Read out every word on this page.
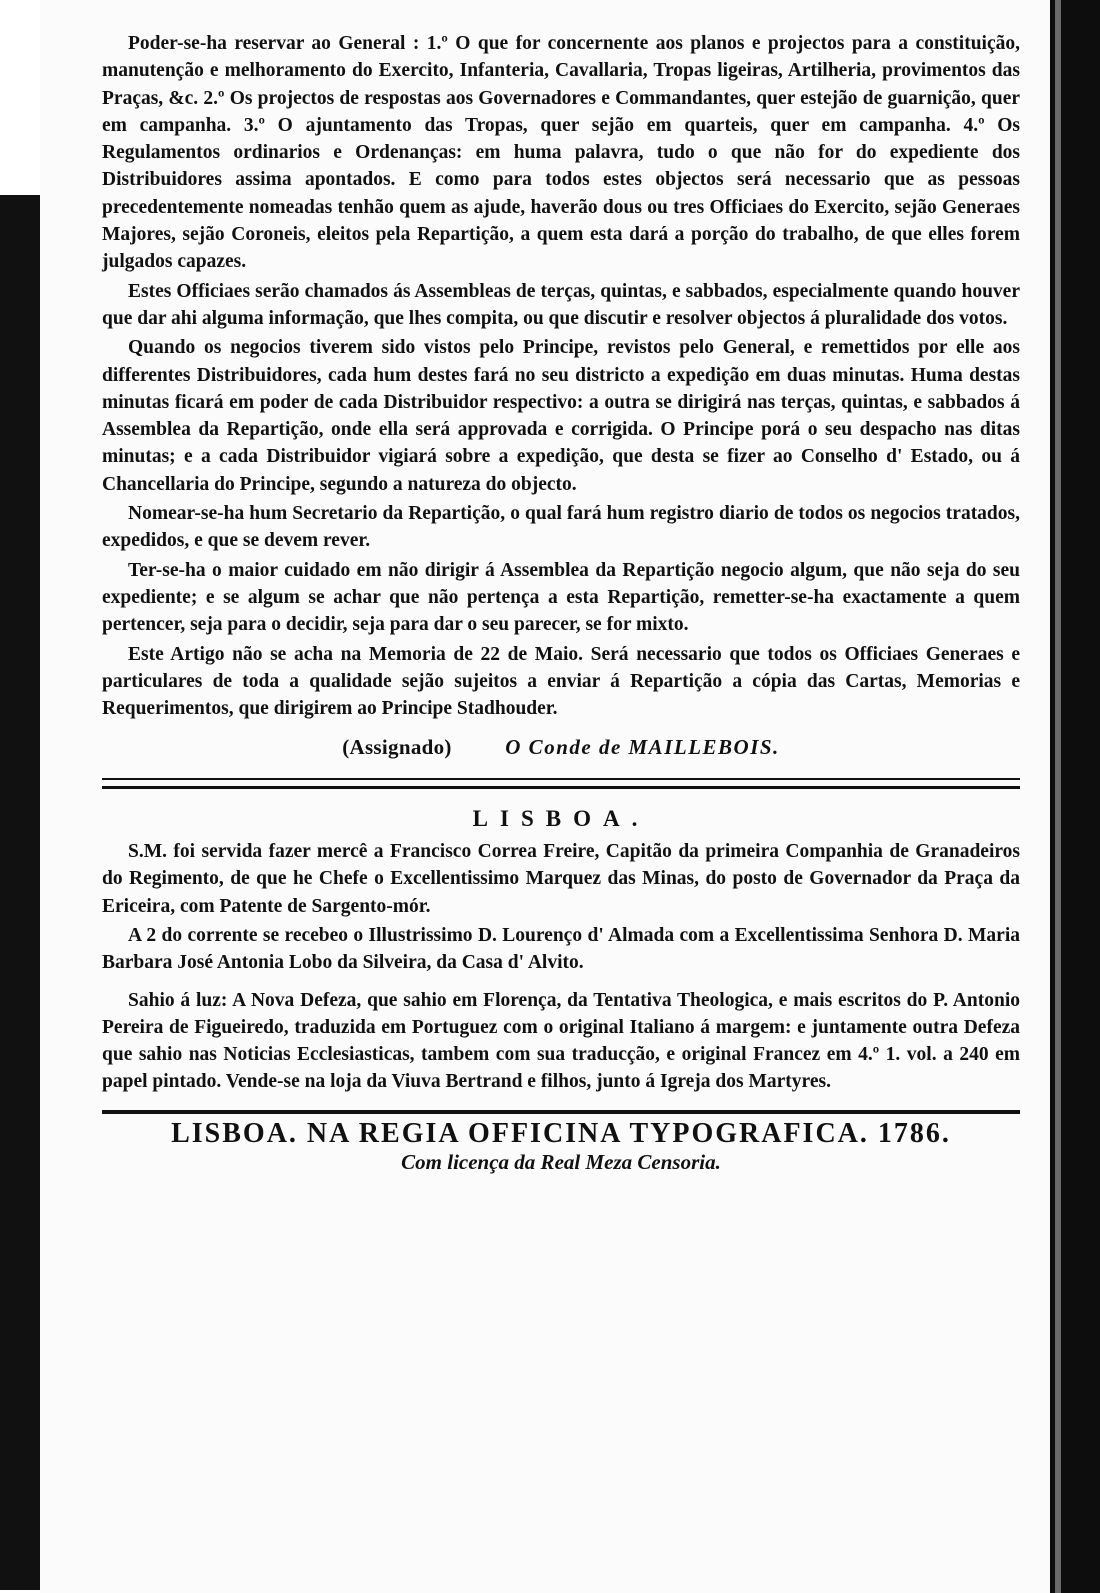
Poder-se-ha reservar ao General : 1.º O que for concernente aos planos e projectos para a constituição, manutenção e melhoramento do Exercito, Infanteria, Cavallaria, Tropas ligeiras, Artilheria, provimentos das Praças, &c. 2.º Os projectos de respostas aos Governadores e Commandantes, quer estejão de guarnição, quer em campanha. 3.º O ajuntamento das Tropas, quer sejão em quarteis, quer em campanha. 4.º Os Regulamentos ordinarios e Ordenanças: em huma palavra, tudo o que não for do expediente dos Distribuidores assima apontados. E como para todos estes objectos será necessario que as pessoas precedentemente nomeadas tenhão quem as ajude, haverão dous ou tres Officiaes do Exercito, sejão Generaes Majores, sejão Coroneis, eleitos pela Repartição, a quem esta dará a porção do trabalho, de que elles forem julgados capazes.

Estes Officiaes serão chamados ás Assembleas de terças, quintas, e sabbados, especialmente quando houver que dar ahi alguma informação, que lhes compita, ou que discutir e resolver objectos á pluralidade dos votos.

Quando os negocios tiverem sido vistos pelo Principe, revistos pelo General, e remettidos por elle aos differentes Distribuidores, cada hum destes fará no seu districto a expedição em duas minutas. Huma destas minutas ficará em poder de cada Distribuidor respectivo: a outra se dirigirá nas terças, quintas, e sabbados á Assemblea da Repartição, onde ella será approvada e corrigida. O Principe porá o seu despacho nas ditas minutas; e a cada Distribuidor vigiará sobre a expedição, que desta se fizer ao Conselho d' Estado, ou á Chancellaria do Principe, segundo a natureza do objecto.

Nomear-se-ha hum Secretario da Repartição, o qual fará hum registro diario de todos os negocios tratados, expedidos, e que se devem rever.

Ter-se-ha o maior cuidado em não dirigir á Assemblea da Repartição negocio algum, que não seja do seu expediente; e se algum se achar que não pertença a esta Repartição, remetter-se-ha exactamente a quem pertencer, seja para o decidir, seja para dar o seu parecer, se for mixto.

Este Artigo não se acha na Memoria de 22 de Maio. Será necessario que todos os Officiaes Generaes e particulares de toda a qualidade sejão sujeitos a enviar á Repartição a cópia das Cartas, Memorias e Requerimentos, que dirigirem ao Principe Stadhouder.

(Assignado)	O Conde de MAILLEBOIS.
LISBOA.

S.M. foi servida fazer mercê a Francisco Correa Freire, Capitão da primeira Companhia de Granadeiros do Regimento, de que he Chefe o Excellentissimo Marquez das Minas, do posto de Governador da Praça da Ericeira, com Patente de Sargento-mór.

A 2 do corrente se recebeo o Illustrissimo D. Lourenço d' Almada com a Excellentissima Senhora D. Maria Barbara José Antonia Lobo da Silveira, da Casa d' Alvito.

Sahio á luz: A Nova Defeza, que sahio em Florença, da Tentativa Theologica, e mais escritos do P. Antonio Pereira de Figueiredo, traduzida em Portuguez com o original Italiano á margem: e juntamente outra Defeza que sahio nas Noticias Ecclesiasticas, tambem com sua traducção, e original Francez em 4.º 1. vol. a 240 em papel pintado. Vende-se na loja da Viuva Bertrand e filhos, junto á Igreja dos Martyres.

LISBOA. NA REGIA OFFICINA TYPOGRAFICA. 1786.
Com licença da Real Meza Censoria.
